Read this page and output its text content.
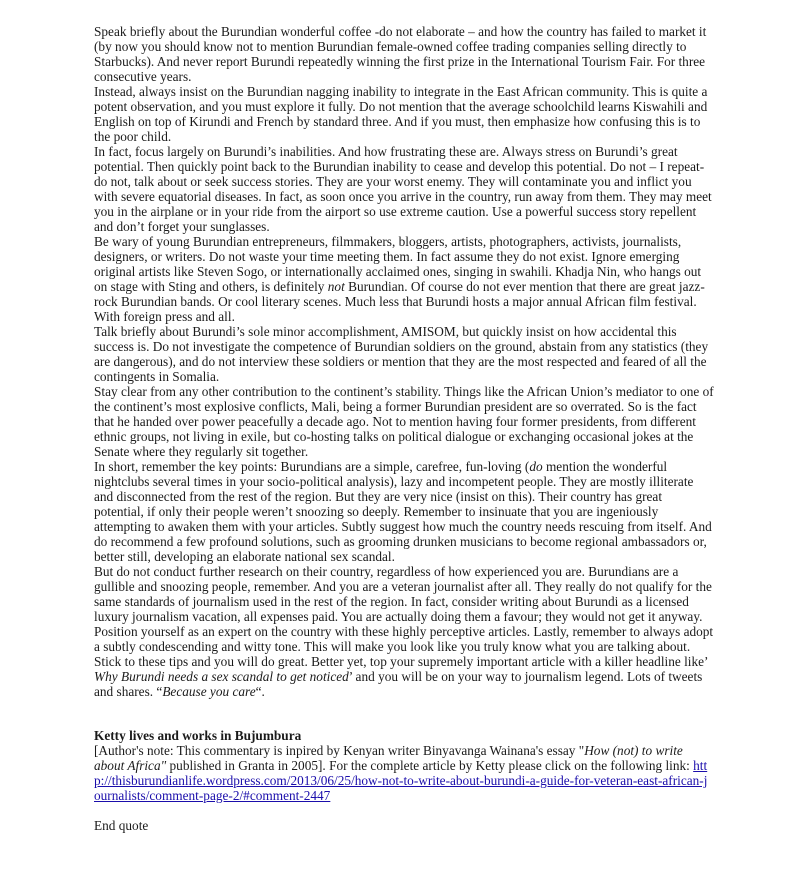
Speak briefly about the Burundian wonderful coffee -do not elaborate – and how the country has failed to market it (by now you should know not to mention Burundian female-owned coffee trading companies selling directly to Starbucks). And never report Burundi repeatedly winning the first prize in the International Tourism Fair. For three consecutive years.

Instead, always insist on the Burundian nagging inability to integrate in the East African community. This is quite a potent observation, and you must explore it fully. Do not mention that the average schoolchild learns Kiswahili and English on top of Kirundi and French by standard three. And if you must, then emphasize how confusing this is to the poor child.

In fact, focus largely on Burundi’s inabilities. And how frustrating these are. Always stress on Burundi’s great potential. Then quickly point back to the Burundian inability to cease and develop this potential. Do not – I repeat-do not, talk about or seek success stories. They are your worst enemy. They will contaminate you and inflict you with severe equatorial diseases. In fact, as soon once you arrive in the country, run away from them. They may meet you in the airplane or in your ride from the airport so use extreme caution. Use a powerful success story repellent and don’t forget your sunglasses.

Be wary of young Burundian entrepreneurs, filmmakers, bloggers, artists, photographers, activists, journalists, designers, or writers. Do not waste your time meeting them. In fact assume they do not exist. Ignore emerging original artists like Steven Sogo, or internationally acclaimed ones, singing in swahili. Khadja Nin, who hangs out on stage with Sting and others, is definitely not Burundian. Of course do not ever mention that there are great jazz-rock Burundian bands. Or cool literary scenes. Much less that Burundi hosts a major annual African film festival. With foreign press and all.

Talk briefly about Burundi’s sole minor accomplishment, AMISOM, but quickly insist on how accidental this success is. Do not investigate the competence of Burundian soldiers on the ground, abstain from any statistics (they are dangerous), and do not interview these soldiers or mention that they are the most respected and feared of all the contingents in Somalia.

Stay clear from any other contribution to the continent’s stability. Things like the African Union’s mediator to one of the continent’s most explosive conflicts, Mali, being a former Burundian president are so overrated. So is the fact that he handed over power peacefully a decade ago. Not to mention having four former presidents, from different ethnic groups, not living in exile, but co-hosting talks on political dialogue or exchanging occasional jokes at the Senate where they regularly sit together.

In short, remember the key points: Burundians are a simple, carefree, fun-loving (do mention the wonderful nightclubs several times in your socio-political analysis), lazy and incompetent people. They are mostly illiterate and disconnected from the rest of the region. But they are very nice (insist on this). Their country has great potential, if only their people weren’t snoozing so deeply. Remember to insinuate that you are ingeniously attempting to awaken them with your articles. Subtly suggest how much the country needs rescuing from itself. And do recommend a few profound solutions, such as grooming drunken musicians to become regional ambassadors or, better still, developing an elaborate national sex scandal.

But do not conduct further research on their country, regardless of how experienced you are. Burundians are a gullible and snoozing people, remember. And you are a veteran journalist after all. They really do not qualify for the same standards of journalism used in the rest of the region. In fact, consider writing about Burundi as a licensed luxury journalism vacation, all expenses paid. You are actually doing them a favour; they would not get it anyway. Position yourself as an expert on the country with these highly perceptive articles. Lastly, remember to always adopt a subtly condescending and witty tone. This will make you look like you truly know what you are talking about.

Stick to these tips and you will do great. Better yet, top your supremely important article with a killer headline like’ Why Burundi needs a sex scandal to get noticed’ and you will be on your way to journalism legend. Lots of tweets and shares. “Because you care“.

Ketty lives and works in Bujumbura

[Author's note: This commentary is inpired by Kenyan writer Binyavanga Wainana's essay "How (not) to write about Africa" published in Granta in 2005]. For the complete article by Ketty please click on the following link: http://thisburundianlife.wordpress.com/2013/06/25/how-not-to-write-about-burundi-a-guide-for-veteran-east-african-journalists/comment-page-2/#comment-2447

End quote
